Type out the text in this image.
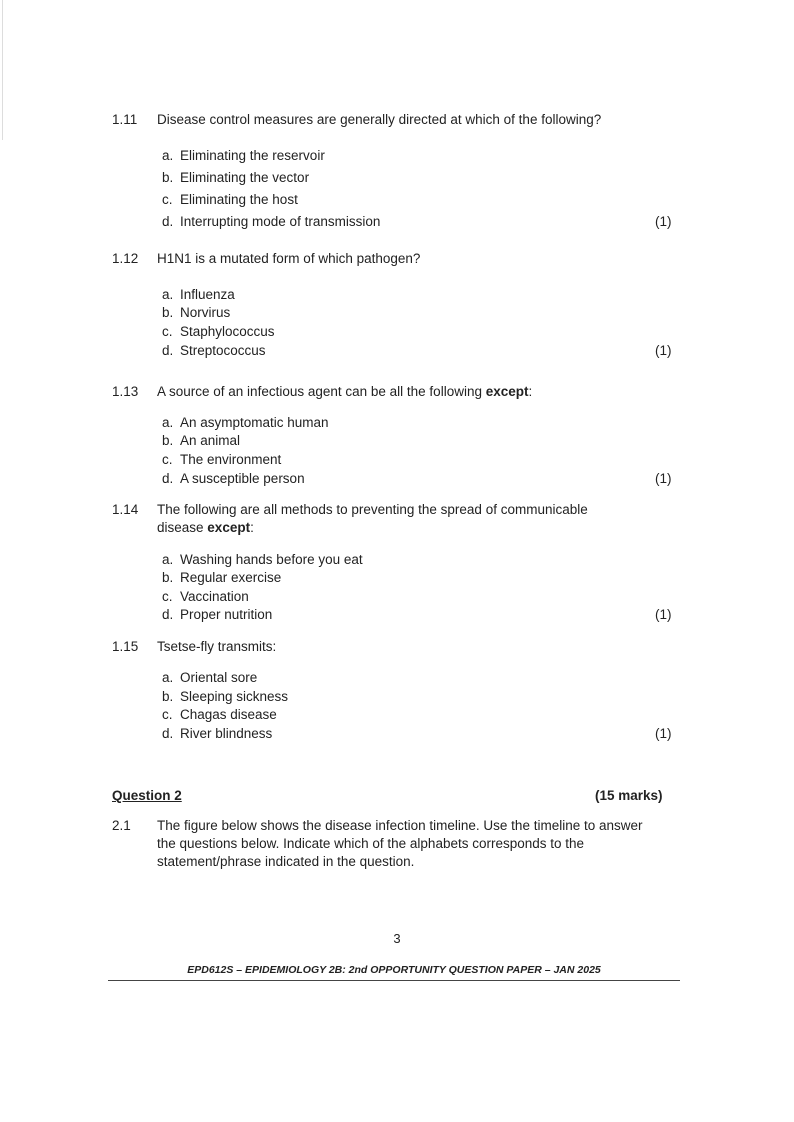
1.11 Disease control measures are generally directed at which of the following?
a. Eliminating the reservoir
b. Eliminating the vector
c. Eliminating the host
d. Interrupting mode of transmission	(1)
1.12 H1N1 is a mutated form of which pathogen?
a. Influenza
b. Norvirus
c. Staphylococcus
d. Streptococcus	(1)
1.13 A source of an infectious agent can be all the following except:
a. An asymptomatic human
b. An animal
c. The environment
d. A susceptible person	(1)
1.14 The following are all methods to preventing the spread of communicable
disease except:
a. Washing hands before you eat
b. Regular exercise
c. Vaccination
d. Proper nutrition	(1)
1.15 Tsetse-fly transmits:
a. Oriental sore
b. Sleeping sickness
c. Chagas disease
d. River blindness	(1)
Question 2	(15 marks)
2.1 The figure below shows the disease infection timeline. Use the timeline to answer
the questions below. Indicate which of the alphabets corresponds to the
statement/phrase indicated in the question.
3
EPD612S – EPIDEMIOLOGY 2B: 2nd OPPORTUNITY QUESTION PAPER – JAN 2025
